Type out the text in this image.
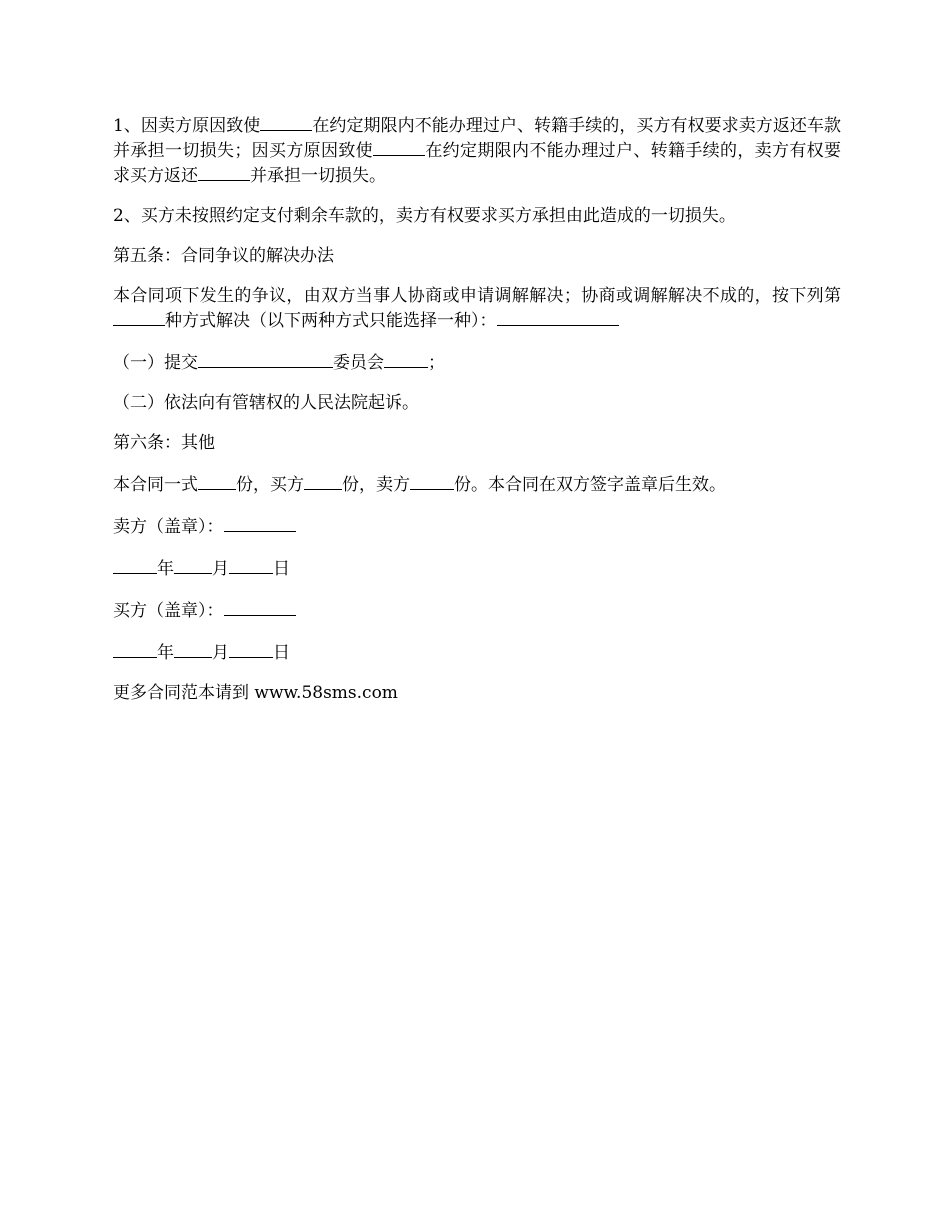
1、因卖方原因致使	在约定期限内不能办理过户、转籍手续的，买方有权要求卖方返还车款并承担一切损失；因买方原因致使	在约定期限内不能办理过户、转籍手续的，卖方有权要求买方返还	并承担一切损失。

2、买方未按照约定支付剩余车款的，卖方有权要求买方承担由此造成的一切损失。

第五条：合同争议的解决办法

本合同项下发生的争议，由双方当事人协商或申请调解解决；协商或调解解决不成的，按下列第种方式解决（以下两种方式只能选择一种）：

（一）提交	委员会	；

（二）依法向有管辖权的人民法院起诉。

第六条：其他

本合同一式 份，买方 份，卖方	份。本合同在双方签字盖章后生效。

卖方（盖章）：

年 月	日

买方（盖章）：

年 月	日

更多合同范本请到 www.58sms.com
